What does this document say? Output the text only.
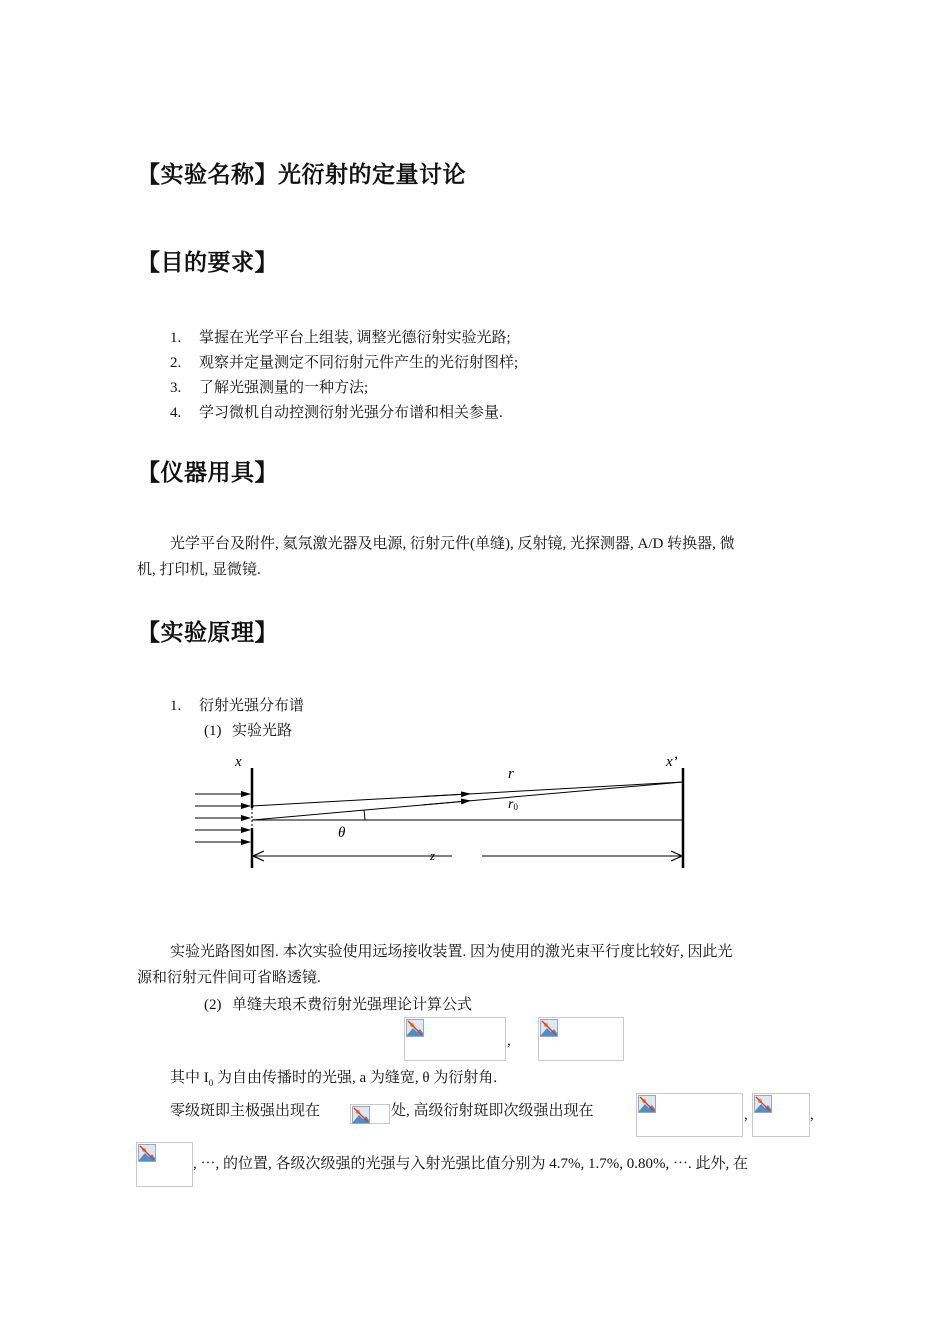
【实验名称】光衍射的定量讨论
【目的要求】
1. 掌握在光学平台上组装, 调整光德衍射实验光路;
2. 观察并定量测定不同衍射元件产生的光衍射图样;
3. 了解光强测量的一种方法;
4. 学习微机自动控测衍射光强分布谱和相关参量.
【仪器用具】
光学平台及附件, 氦氖激光器及电源, 衍射元件(单缝), 反射镜, 光探测器, A/D 转换器, 微
机, 打印机, 显微镜.
【实验原理】
1. 衍射光强分布谱
(1) 实验光路
x	x’
r
r0
θ
z
实验光路图如图. 本次实验使用远场接收装置. 因为使用的激光束平行度比较好, 因此光
源和衍射元件间可省略透镜.
(2) 单缝夫琅禾费衍射光强理论计算公式
,
其中 $I_0$ 为自由传播时的光强, a 为缝宽, θ 为衍射角.
零级斑即主极强出现在	处, 高级衍射斑即次级强出现在	,	,
, ⋯, 的位置, 各级次级强的光强与入射光强比值分别为 4.7%, 1.7%, 0.80%, ⋯. 此外, 在
